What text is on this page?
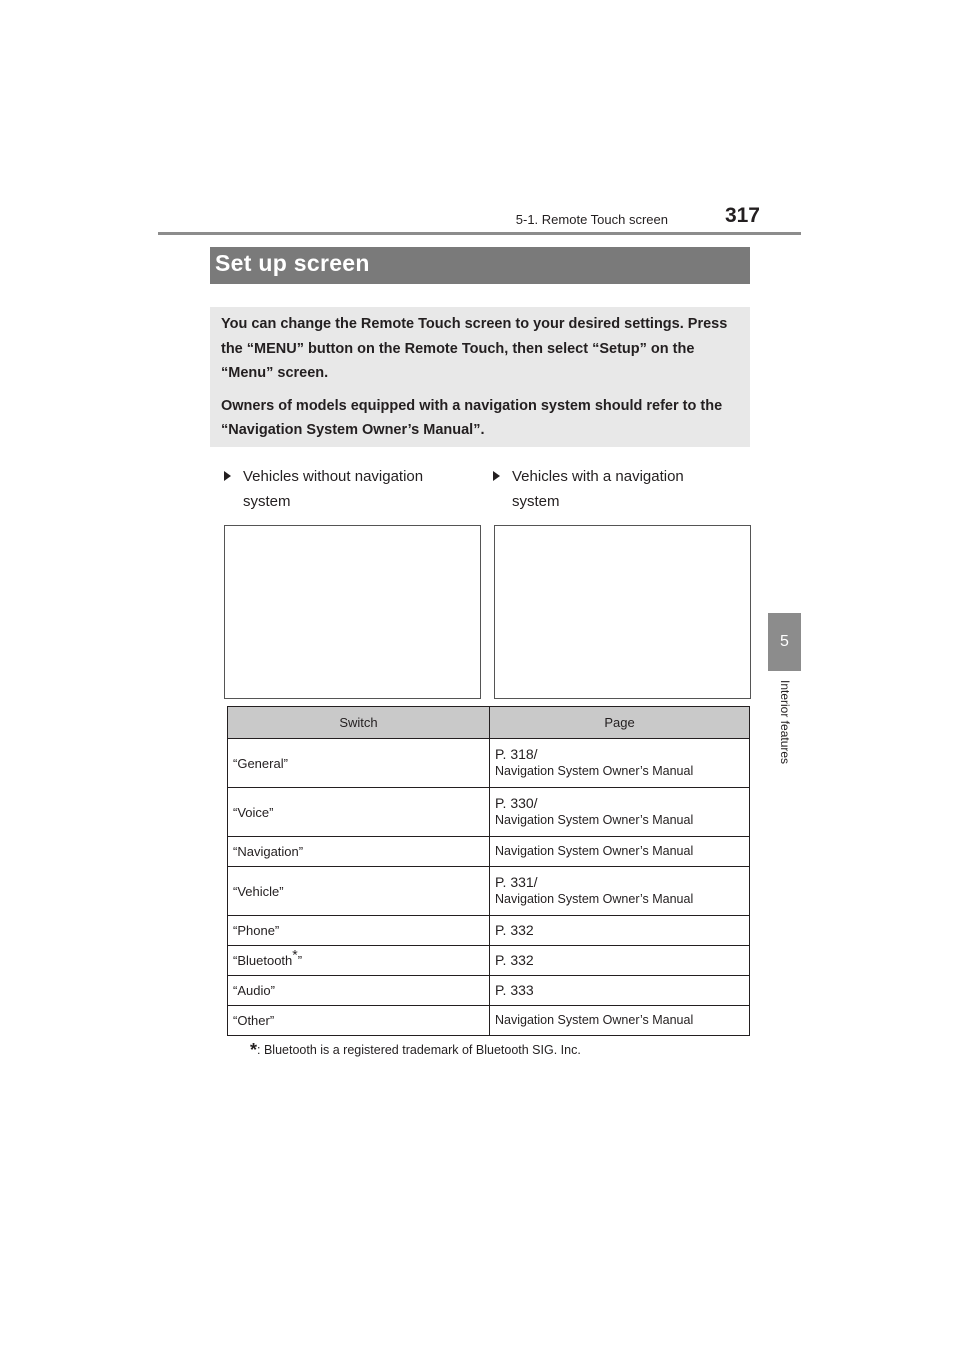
5-1. Remote Touch screen	317
5
Interior features
Set up screen

You can change the Remote Touch screen to your desired settings. Press the “MENU” button on the Remote Touch, then select “Setup” on the “Menu” screen.

Owners of models equipped with a navigation system should refer to the “Navigation System Owner’s Manual”.

Vehicles without navigation system
Vehicles with a navigation system
Switch	Page
“General”	P. 318/
Navigation System Owner’s Manual

“Voice”	P. 330/
Navigation System Owner’s Manual

“Navigation”	Navigation System Owner’s Manual

“Vehicle”	P. 331/
Navigation System Owner’s Manual

“Phone”	P. 332

“Bluetooth*”	P. 332

“Audio”	P. 333

“Other”	Navigation System Owner’s Manual
*: Bluetooth is a registered trademark of Bluetooth SIG. Inc.
